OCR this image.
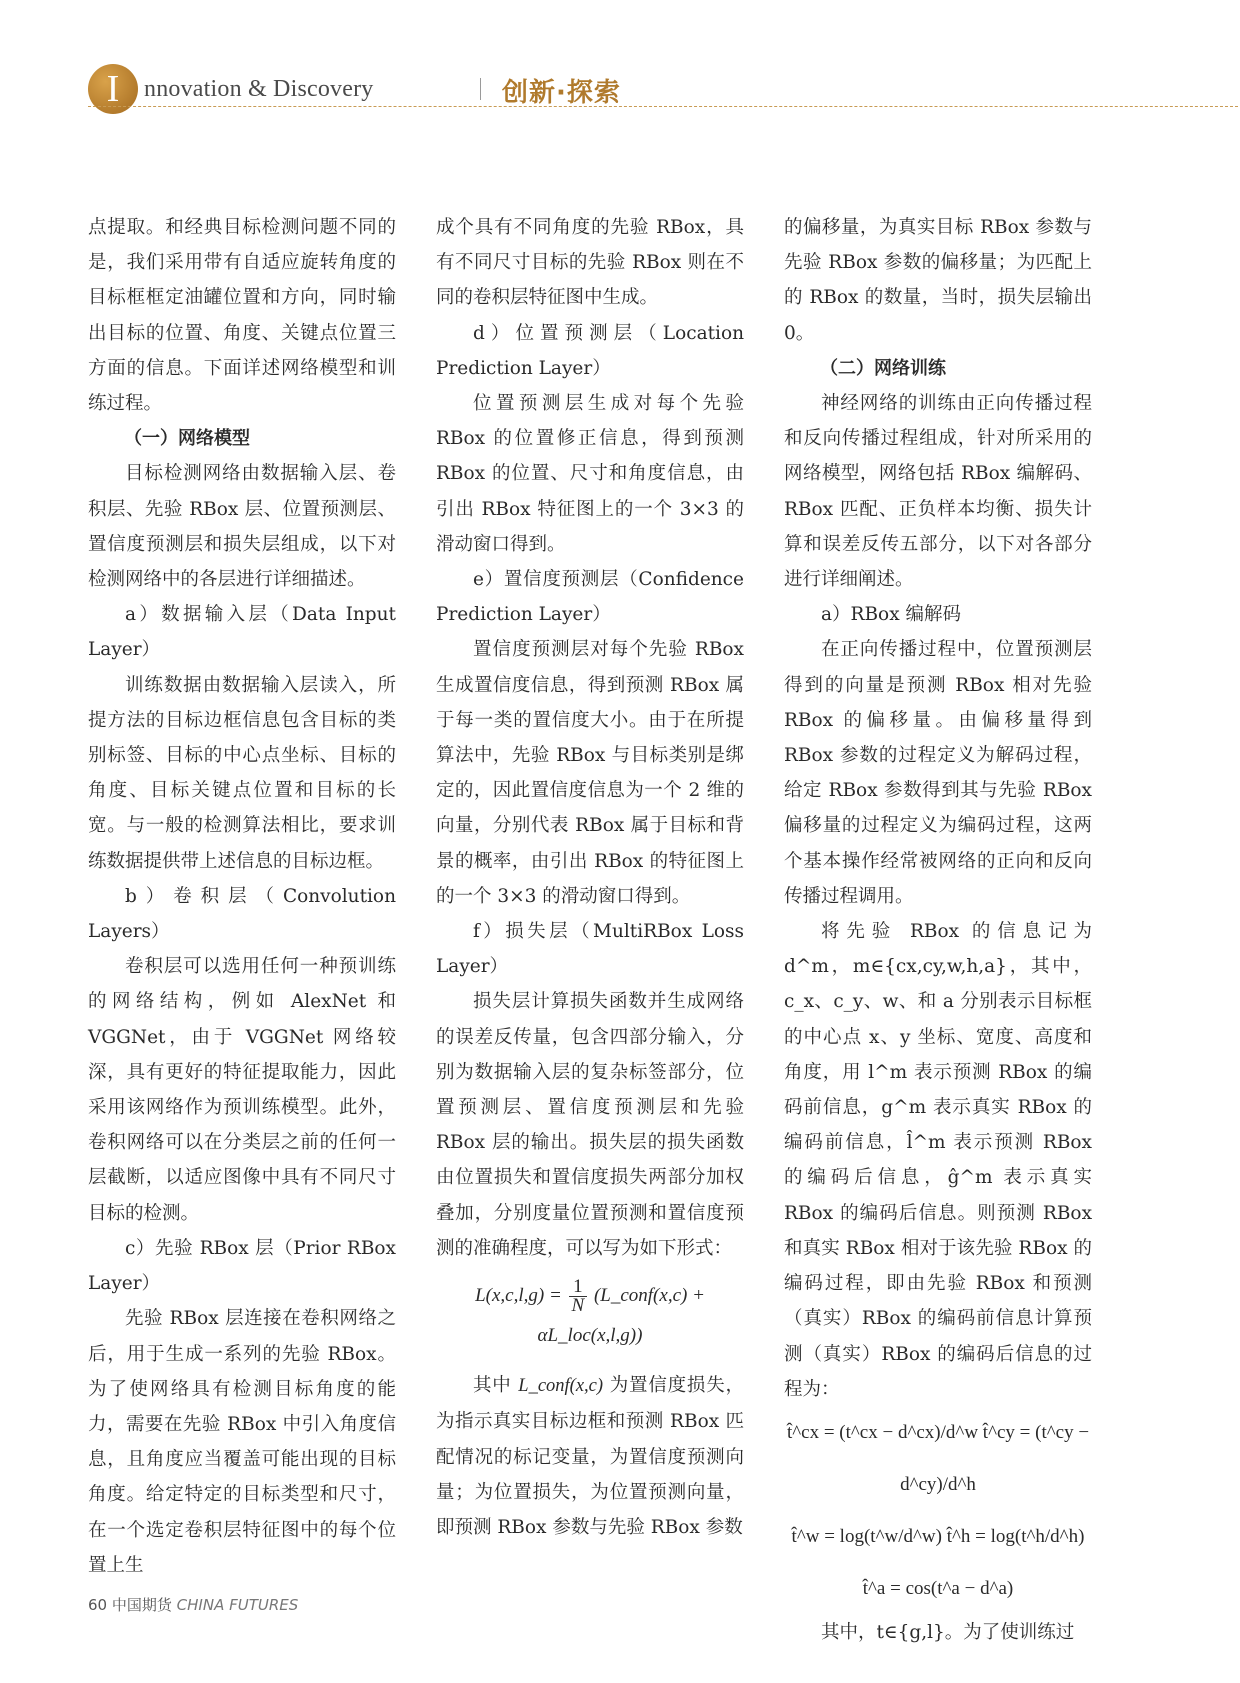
I	nnovation & Discovery	创新·探索

点提取。和经典目标检测问题不同的是，我们采用带有自适应旋转角度的目标框框定油罐位置和方向，同时输出目标的位置、角度、关键点位置三方面的信息。下面详述网络模型和训练过程。

（一）网络模型

目标检测网络由数据输入层、卷积层、先验 RBox 层、位置预测层、置信度预测层和损失层组成，以下对检测网络中的各层进行详细描述。

a）数据输入层（Data Input Layer）

训练数据由数据输入层读入，所提方法的目标边框信息包含目标的类别标签、目标的中心点坐标、目标的角度、目标关键点位置和目标的长宽。与一般的检测算法相比，要求训练数据提供带上述信息的目标边框。

b）卷积层（Convolution Layers）

卷积层可以选用任何一种预训练的网络结构，例如 AlexNet 和 VGGNet，由于 VGGNet 网络较深，具有更好的特征提取能力，因此采用该网络作为预训练模型。此外，卷积网络可以在分类层之前的任何一层截断，以适应图像中具有不同尺寸目标的检测。

c）先验 RBox 层（Prior RBox Layer）

先验 RBox 层连接在卷积网络之后，用于生成一系列的先验 RBox。为了使网络具有检测目标角度的能力，需要在先验 RBox 中引入角度信息，且角度应当覆盖可能出现的目标角度。给定特定的目标类型和尺寸，在一个选定卷积层特征图中的每个位置上生

成个具有不同角度的先验 RBox，具有不同尺寸目标的先验 RBox 则在不同的卷积层特征图中生成。

d）位置预测层（Location Prediction Layer）

位置预测层生成对每个先验 RBox 的位置修正信息，得到预测 RBox 的位置、尺寸和角度信息，由引出 RBox 特征图上的一个 3×3 的滑动窗口得到。

e）置信度预测层（Confidence Prediction Layer）

置信度预测层对每个先验 RBox 生成置信度信息，得到预测 RBox 属于每一类的置信度大小。由于在所提算法中，先验 RBox 与目标类别是绑定的，因此置信度信息为一个 2 维的向量，分别代表 RBox 属于目标和背景的概率，由引出 RBox 的特征图上的一个 3×3 的滑动窗口得到。

f）损失层（MultiRBox Loss Layer）

损失层计算损失函数并生成网络的误差反传量，包含四部分输入，分别为数据输入层的复杂标签部分，位置预测层、置信度预测层和先验 RBox 层的输出。损失层的损失函数由位置损失和置信度损失两部分加权叠加，分别度量位置预测和置信度预测的准确程度，可以写为如下形式：

$L(x,c,l,g) = \frac{1}{N}$ (L_conf(x,c) + αL_loc(x,l,g))

其中 L_conf(x,c) 为置信度损失，为指示真实目标边框和预测 RBox 匹配情况的标记变量，为置信度预测向量；为位置损失，为位置预测向量，即预测 RBox 参数与先验 RBox 参数

的偏移量，为真实目标 RBox 参数与先验 RBox 参数的偏移量；为匹配上的 RBox 的数量，当时，损失层输出 0。

（二）网络训练

神经网络的训练由正向传播过程和反向传播过程组成，针对所采用的网络模型，网络包括 RBox 编解码、RBox 匹配、正负样本均衡、损失计算和误差反传五部分，以下对各部分进行详细阐述。

a）RBox 编解码

在正向传播过程中，位置预测层得到的向量是预测 RBox 相对先验 RBox 的偏移量。由偏移量得到 RBox 参数的过程定义为解码过程，给定 RBox 参数得到其与先验 RBox 偏移量的过程定义为编码过程，这两个基本操作经常被网络的正向和反向传播过程调用。

将先验 RBox 的信息记为 d^m，m∈{cx,cy,w,h,a}，其中，c_x、c_y、w、和 a 分别表示目标框的中心点 x、y 坐标、宽度、高度和角度，用 l^m 表示预测 RBox 的编码前信息，g^m 表示真实 RBox 的编码前信息，l̂^m 表示预测 RBox 的编码后信息，ĝ^m 表示真实 RBox 的编码后信息。则预测 RBox 和真实 RBox 相对于该先验 RBox 的编码过程，即由先验 RBox 和预测（真实）RBox 的编码前信息计算预测（真实）RBox 的编码后信息的过程为：

t̂^cx = (t^cx − d^cx)/d^w t̂^cy = (t^cy − d^cy)/d^h
t̂^w = log(t^w/d^w) t̂^h = log(t^h/d^h)
t̂^a = cos(t^a − d^a)

其中，t∈{g,l}。为了使训练过

60 中国期货 CHINA FUTURES
